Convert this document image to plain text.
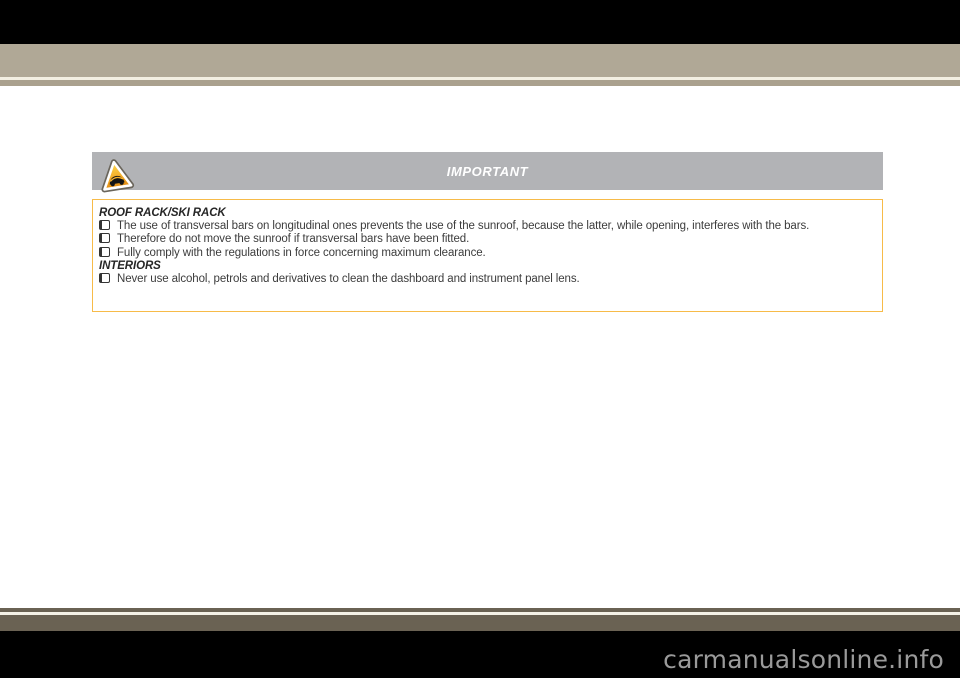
IMPORTANT
ROOF RACK/SKI RACK

The use of transversal bars on longitudinal ones prevents the use of the sunroof, because the latter, while opening, interferes with the bars.

Therefore do not move the sunroof if transversal bars have been fitted.

Fully comply with the regulations in force concerning maximum clearance.

INTERIORS

Never use alcohol, petrols and derivatives to clean the dashboard and instrument panel lens.

carmanualsonline.info
